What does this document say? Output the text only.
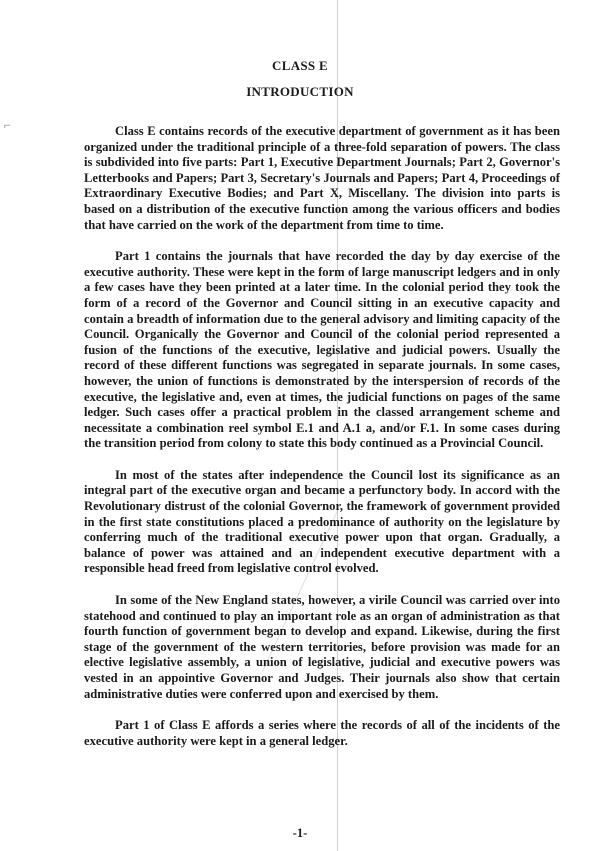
⌐
CLASS E
INTRODUCTION

Class E contains records of the executive department of government as it has been organized under the traditional principle of a three-fold separation of powers. The class is subdivided into five parts: Part 1, Executive Department Journals; Part 2, Governor's Letterbooks and Papers; Part 3, Secretary's Journals and Papers; Part 4, Proceedings of Extraordinary Executive Bodies; and Part X, Miscellany. The division into parts is based on a distribution of the executive function among the various officers and bodies that have carried on the work of the department from time to time.

Part 1 contains the journals that have recorded the day by day exercise of the executive authority. These were kept in the form of large manuscript ledgers and in only a few cases have they been printed at a later time. In the colonial period they took the form of a record of the Governor and Council sitting in an executive capacity and contain a breadth of information due to the general advisory and limiting capacity of the Council. Organically the Governor and Council of the colonial period represented a fusion of the functions of the executive, legislative and judicial powers. Usually the record of these different functions was segregated in separate journals. In some cases, however, the union of functions is demonstrated by the interspersion of records of the executive, the legislative and, even at times, the judicial functions on pages of the same ledger. Such cases offer a practical problem in the classed arrangement scheme and necessitate a combination reel symbol E.1 and A.1 a, and/or F.1. In some cases during the transition period from colony to state this body continued as a Provincial Council.

In most of the states after independence the Council lost its significance as an integral part of the executive organ and became a perfunctory body. In accord with the Revolutionary distrust of the colonial Governor, the framework of government provided in the first state constitutions placed a predominance of authority on the legislature by conferring much of the traditional executive power upon that organ. Gradually, a balance of power was attained and an independent executive department with a responsible head freed from legislative control evolved.

In some of the New England states, however, a virile Council was carried over into statehood and continued to play an important role as an organ of administration as that fourth function of government began to develop and expand. Likewise, during the first stage of the government of the western territories, before provision was made for an elective legislative assembly, a union of legislative, judicial and executive powers was vested in an appointive Governor and Judges. Their journals also show that certain administrative duties were conferred upon and exercised by them.

Part 1 of Class E affords a series where the records of all of the incidents of the executive authority were kept in a general ledger.

-1-
